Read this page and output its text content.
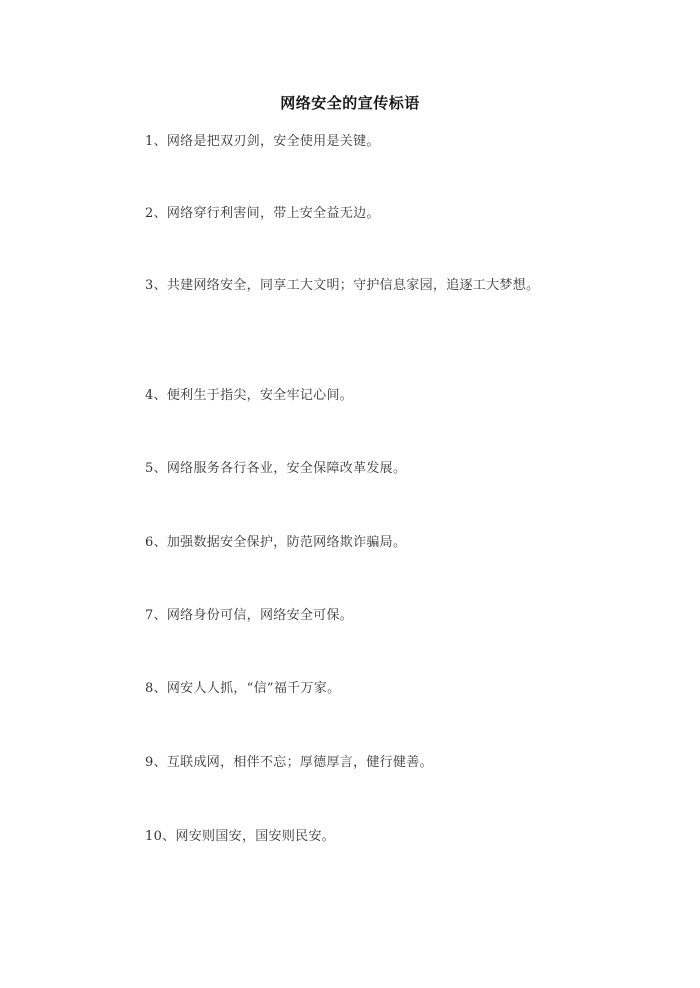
网络安全的宣传标语
1、网络是把双刃剑，安全使用是关键。
2、网络穿行利害间，带上安全益无边。
3、共建网络安全，同享工大文明；守护信息家园，追逐工大梦想。
4、便利生于指尖，安全牢记心间。
5、网络服务各行各业，安全保障改革发展。
6、加强数据安全保护，防范网络欺诈骗局。
7、网络身份可信，网络安全可保。
8、网安人人抓，“信”福千万家。
9、互联成网，相伴不忘；厚德厚言，健行健善。
10、网安则国安，国安则民安。
